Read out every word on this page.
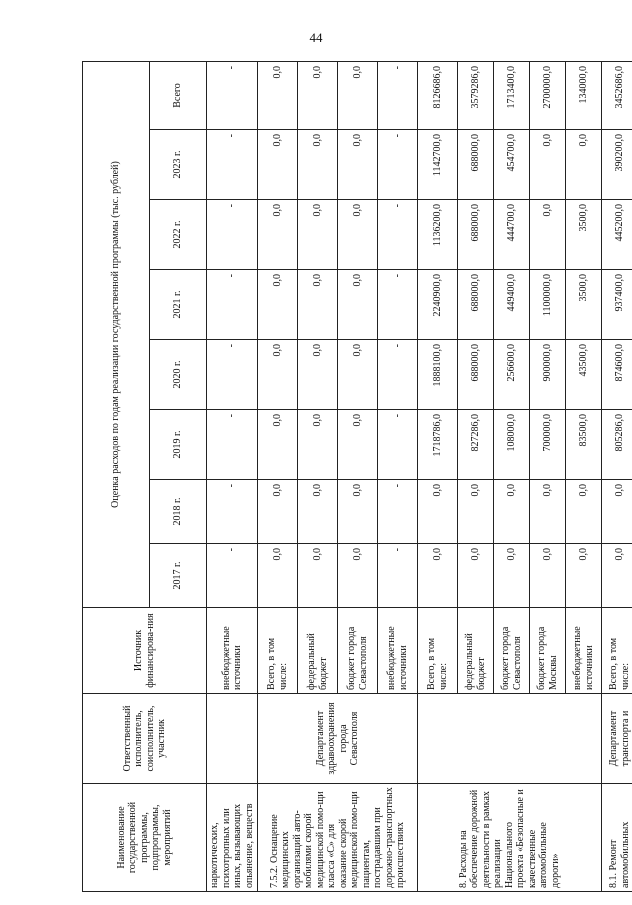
44
Наименование государственной программы, подпрограммы, мероприятий	Ответственный исполнитель, соисполнитель, участник	Источник финансирова-ния	Оценка расходов по годам реализации государственной программы (тыс. рублей)							
			2017 г.	2018 г.	2019 г.	2020 г.	2021 г.	2022 г.	2023 г.	Всего
наркотических, психотропных или иных, вызывающих опьянение, веществ		внебюджетные источники	-	-	-	-	-	-	-	-
7.5.2. Оснащение медицинских организаций авто-мобилями скорой медицинской помо-щи класса «С» для оказание скорой медицинской помо-щи пациентам, пострадавшим при дорожно-транспортных происшествиях	Департамент здравоохранения города Севастополя	Всего, в том числе:	0,0	0,0	0,0	0,0	0,0	0,0	0,0	0,0
		федеральный бюджет	0,0	0,0	0,0	0,0	0,0	0,0	0,0	0,0
		бюджет города Севастополя	0,0	0,0	0,0	0,0	0,0	0,0	0,0	0,0
		внебюджетные источники	-	-	-	-	-	-	-	-
8. Расходы на обеспечение дорожной деятельности в рамках реализации Национального проекта «Безопасные и качественные автомобильные дороги»		Всего, в том числе:	0,0	0,0	1718786,0	1888100,0	2240900,0	1136200,0	1142700,0	8126686,0
		федеральный бюджет	0,0	0,0	827286,0	688000,0	688000,0	688000,0	688000,0	3579286,0
		бюджет города Севастополя	0,0	0,0	108000,0	256600,0	449400,0	444700,0	454700,0	1713400,0
		бюджет города Москвы	0,0	0,0	700000,0	900000,0	1100000,0	0,0	0,0	2700000,0
		внебюджетные источники	0,0	0,0	83500,0	43500,0	3500,0	3500,0	0,0	134000,0
8.1. Ремонт автомобильных	Департамент транспорта и	Всего, в том числе:	0,0	0,0	805286,0	874600,0	937400,0	445200,0	390200,0	3452686,0
